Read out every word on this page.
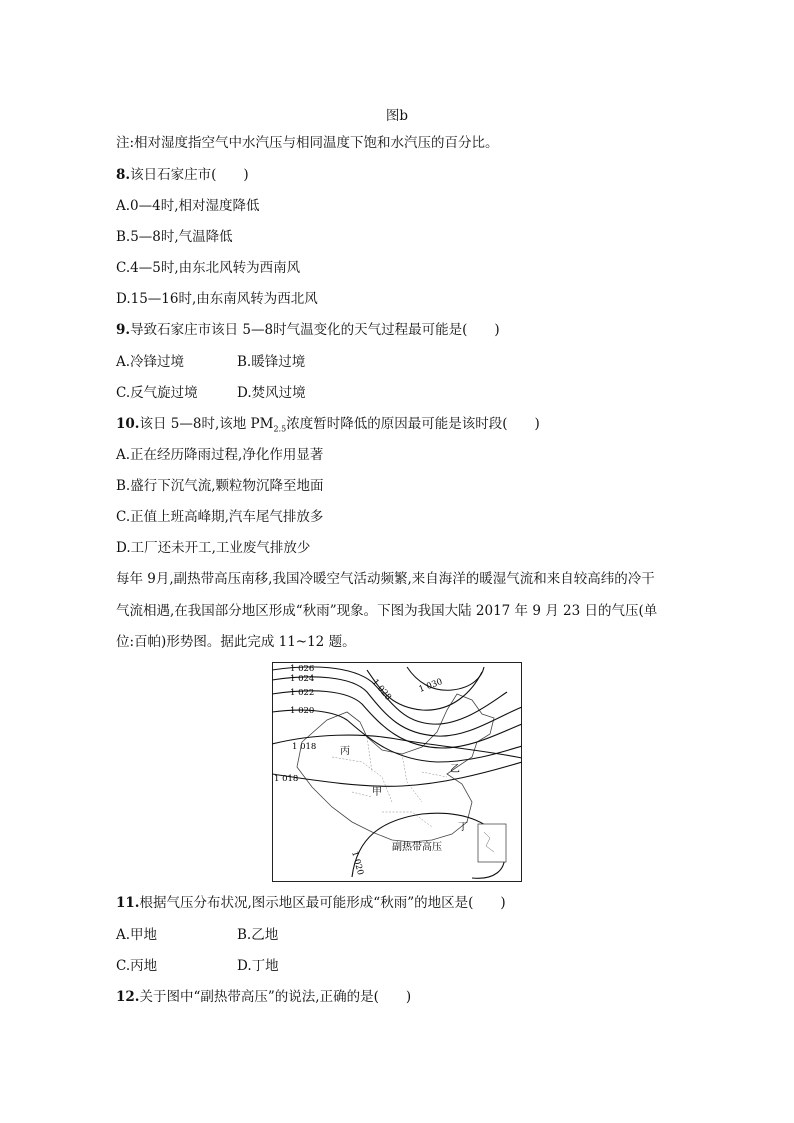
图b
注:相对湿度指空气中水汽压与相同温度下饱和水汽压的百分比。
8.该日石家庄市(　　)
A.0—4时,相对湿度降低
B.5—8时,气温降低
C.4—5时,由东北风转为西南风
D.15—16时,由东南风转为西北风
9.导致石家庄市该日 5—8时气温变化的天气过程最可能是(　　)
A.冷锋过境	B.暖锋过境
C.反气旋过境	D.焚风过境
10.该日 5—8时,该地 $PM_{2.5}$浓度暂时降低的原因最可能是该时段(　　)
A.正在经历降雨过程,净化作用显著
B.盛行下沉气流,颗粒物沉降至地面
C.正值上班高峰期,汽车尾气排放多
D.工厂还未开工,工业废气排放少
每年 9月,副热带高压南移,我国冷暖空气活动频繁,来自海洋的暖湿气流和来自较高纬的冷干
气流相遇,在我国部分地区形成“秋雨”现象。下图为我国大陆 2017 年 9 月 23 日的气压(单
位:百帕)形势图。据此完成 11~12 题。
1 026
1 024
1 022
1 020
1 018
1 018
1 028	1 030
1 020
丙
甲
乙
丁
副热带高压
11.根据气压分布状况,图示地区最可能形成“秋雨”的地区是(　　)
A.甲地	B.乙地
C.丙地	D.丁地
12.关于图中“副热带高压”的说法,正确的是(　　)
